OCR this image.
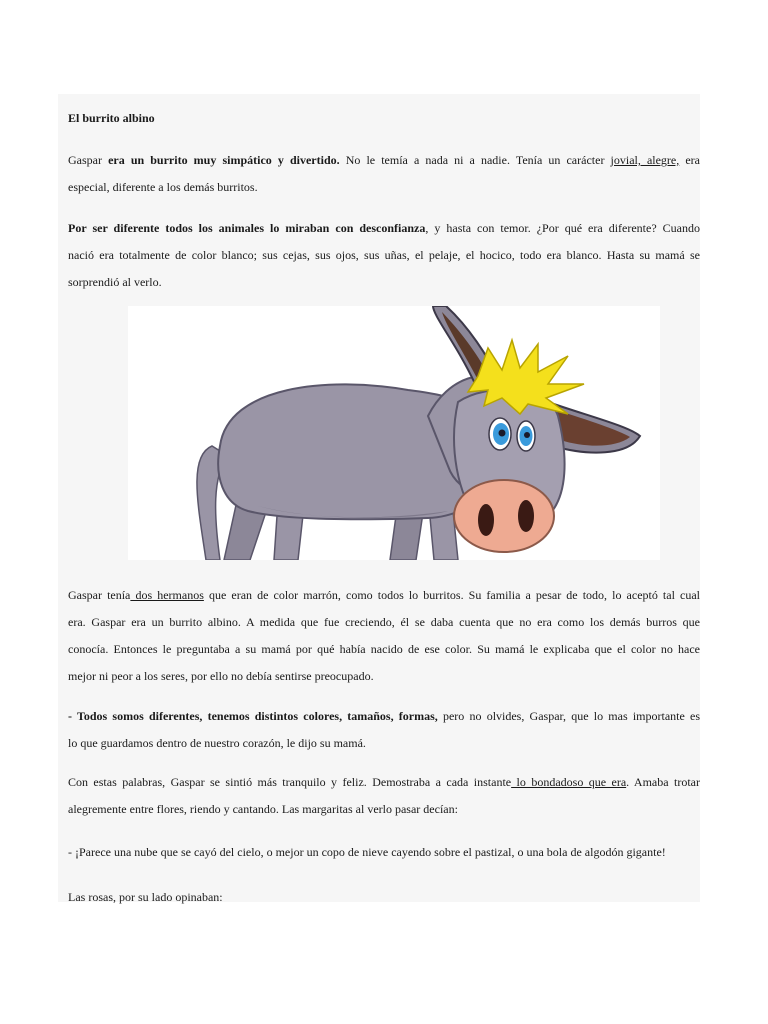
El burrito albino

Gaspar era un burrito muy simpático y divertido. No le temía a nada ni a nadie. Tenía un carácter jovial, alegre, era
especial, diferente a los demás burritos.

Por ser diferente todos los animales lo miraban con desconfianza, y hasta con temor. ¿Por qué era diferente? Cuando
nació era totalmente de color blanco; sus cejas, sus ojos, sus uñas, el pelaje, el hocico, todo era blanco. Hasta su mamá se
sorprendió al verlo.

Gaspar tenía dos hermanos que eran de color marrón, como todos lo burritos. Su familia a pesar de todo, lo aceptó tal cual
era. Gaspar era un burrito albino. A medida que fue creciendo, él se daba cuenta que no era como los demás burros que
conocía. Entonces le preguntaba a su mamá por qué había nacido de ese color. Su mamá le explicaba que el color no hace
mejor ni peor a los seres, por ello no debía sentirse preocupado.

- Todos somos diferentes, tenemos distintos colores, tamaños, formas, pero no olvides, Gaspar, que lo mas importante es
lo que guardamos dentro de nuestro corazón, le dijo su mamá.

Con estas palabras, Gaspar se sintió más tranquilo y feliz. Demostraba a cada instante lo bondadoso que era. Amaba trotar
alegremente entre flores, riendo y cantando. Las margaritas al verlo pasar decían:

- ¡Parece una nube que se cayó del cielo, o mejor un copo de nieve cayendo sobre el pastizal, o una bola de algodón gigante!

Las rosas, por su lado opinaban:
